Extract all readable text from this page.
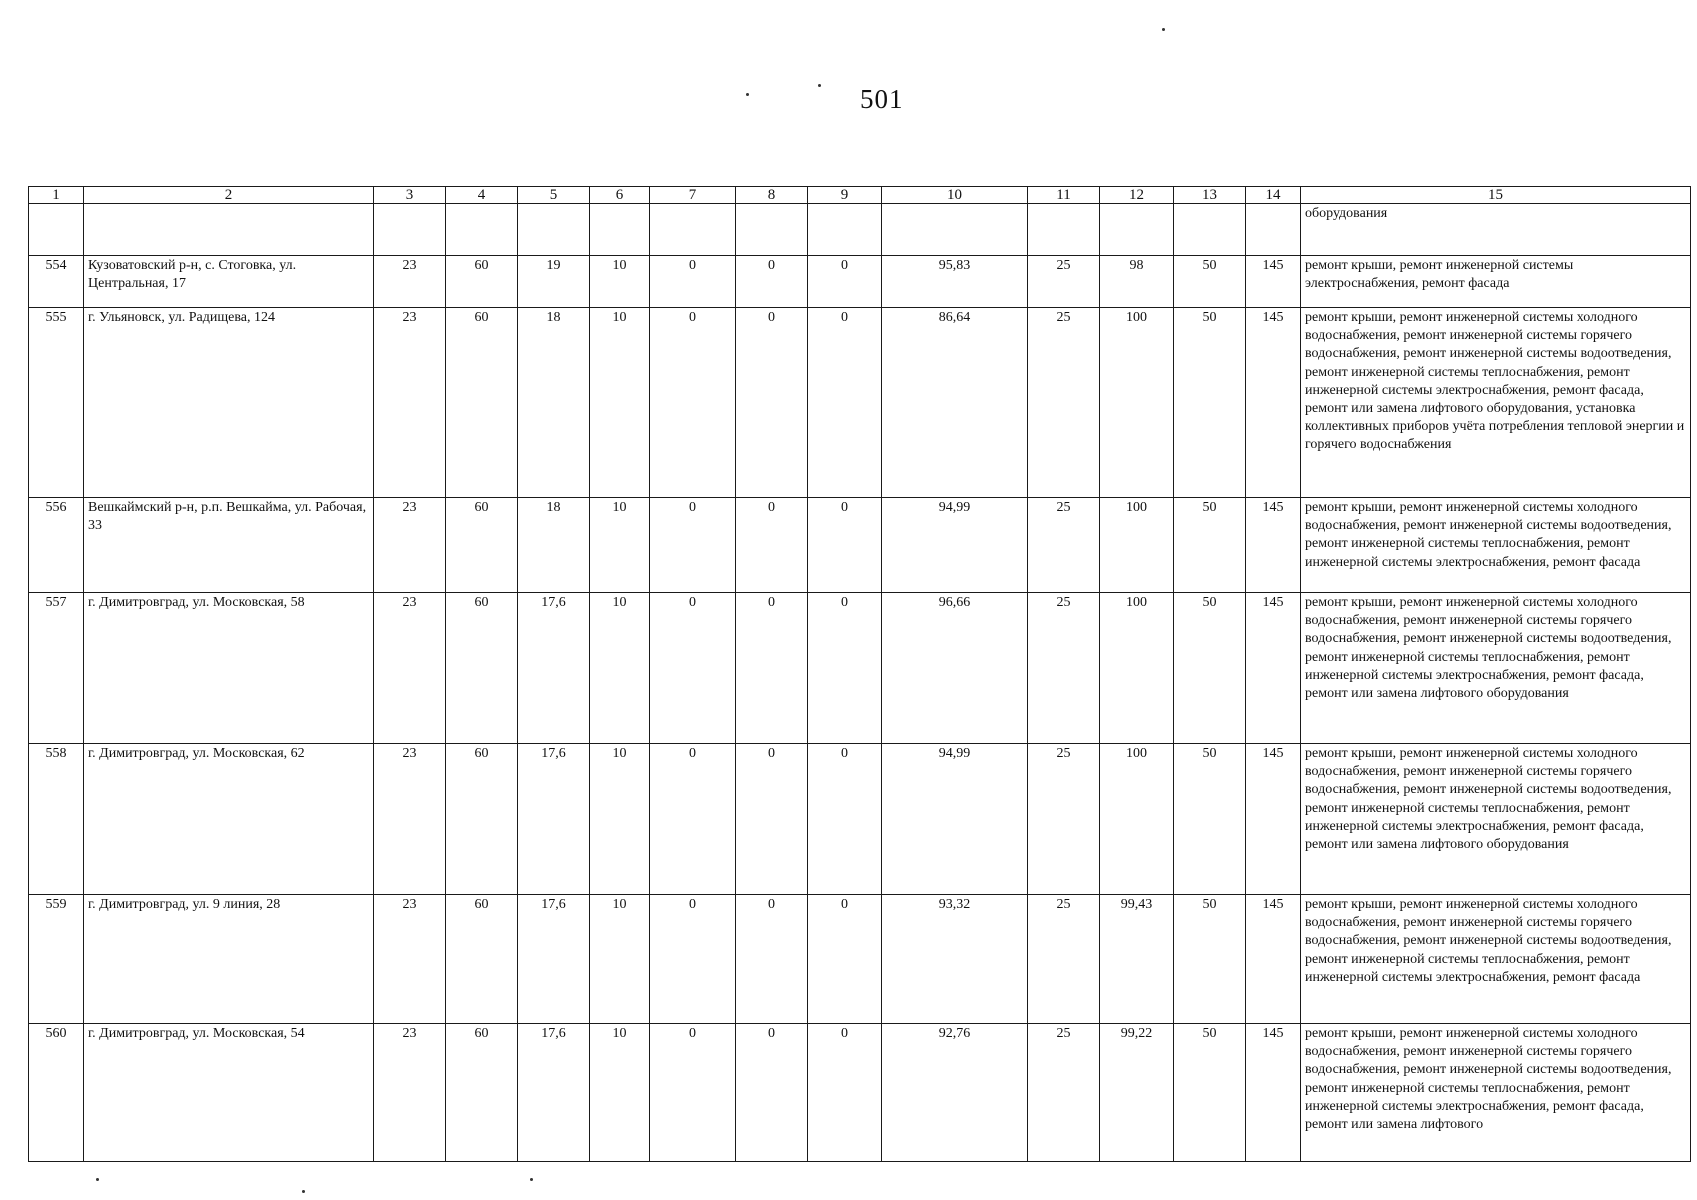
501
1	2	3	4	5	6	7	8	9	10	11	12	13	14	15
														оборудования
554	Кузоватовский р-н, с. Стоговка, ул. Центральная, 17	23	60	19	10	0	0	0	95,83	25	98	50	145	ремонт крыши, ремонт инженерной системы электроснабжения, ремонт фасада
555	г. Ульяновск, ул. Радищева, 124	23	60	18	10	0	0	0	86,64	25	100	50	145	ремонт крыши, ремонт инженерной системы холодного водоснабжения, ремонт инженерной системы горячего водоснабжения, ремонт инженерной системы водоотведения, ремонт инженерной системы теплоснабжения, ремонт инженерной системы электроснабжения, ремонт фасада, ремонт или замена лифтового оборудования, установка коллективных приборов учёта потребления тепловой энергии и горячего водоснабжения
556	Вешкаймский р-н, р.п. Вешкайма, ул. Рабочая, 33	23	60	18	10	0	0	0	94,99	25	100	50	145	ремонт крыши, ремонт инженерной системы холодного водоснабжения, ремонт инженерной системы водоотведения, ремонт инженерной системы теплоснабжения, ремонт инженерной системы электроснабжения, ремонт фасада
557	г. Димитровград, ул. Московская, 58	23	60	17,6	10	0	0	0	96,66	25	100	50	145	ремонт крыши, ремонт инженерной системы холодного водоснабжения, ремонт инженерной системы горячего водоснабжения, ремонт инженерной системы водоотведения, ремонт инженерной системы теплоснабжения, ремонт инженерной системы электроснабжения, ремонт фасада, ремонт или замена лифтового оборудования
558	г. Димитровград, ул. Московская, 62	23	60	17,6	10	0	0	0	94,99	25	100	50	145	ремонт крыши, ремонт инженерной системы холодного водоснабжения, ремонт инженерной системы горячего водоснабжения, ремонт инженерной системы водоотведения, ремонт инженерной системы теплоснабжения, ремонт инженерной системы электроснабжения, ремонт фасада, ремонт или замена лифтового оборудования
559	г. Димитровград, ул. 9 линия, 28	23	60	17,6	10	0	0	0	93,32	25	99,43	50	145	ремонт крыши, ремонт инженерной системы холодного водоснабжения, ремонт инженерной системы горячего водоснабжения, ремонт инженерной системы водоотведения, ремонт инженерной системы теплоснабжения, ремонт инженерной системы электроснабжения, ремонт фасада
560	г. Димитровград, ул. Московская, 54	23	60	17,6	10	0	0	0	92,76	25	99,22	50	145	ремонт крыши, ремонт инженерной системы холодного водоснабжения, ремонт инженерной системы горячего водоснабжения, ремонт инженерной системы водоотведения, ремонт инженерной системы теплоснабжения, ремонт инженерной системы электроснабжения, ремонт фасада, ремонт или замена лифтового
